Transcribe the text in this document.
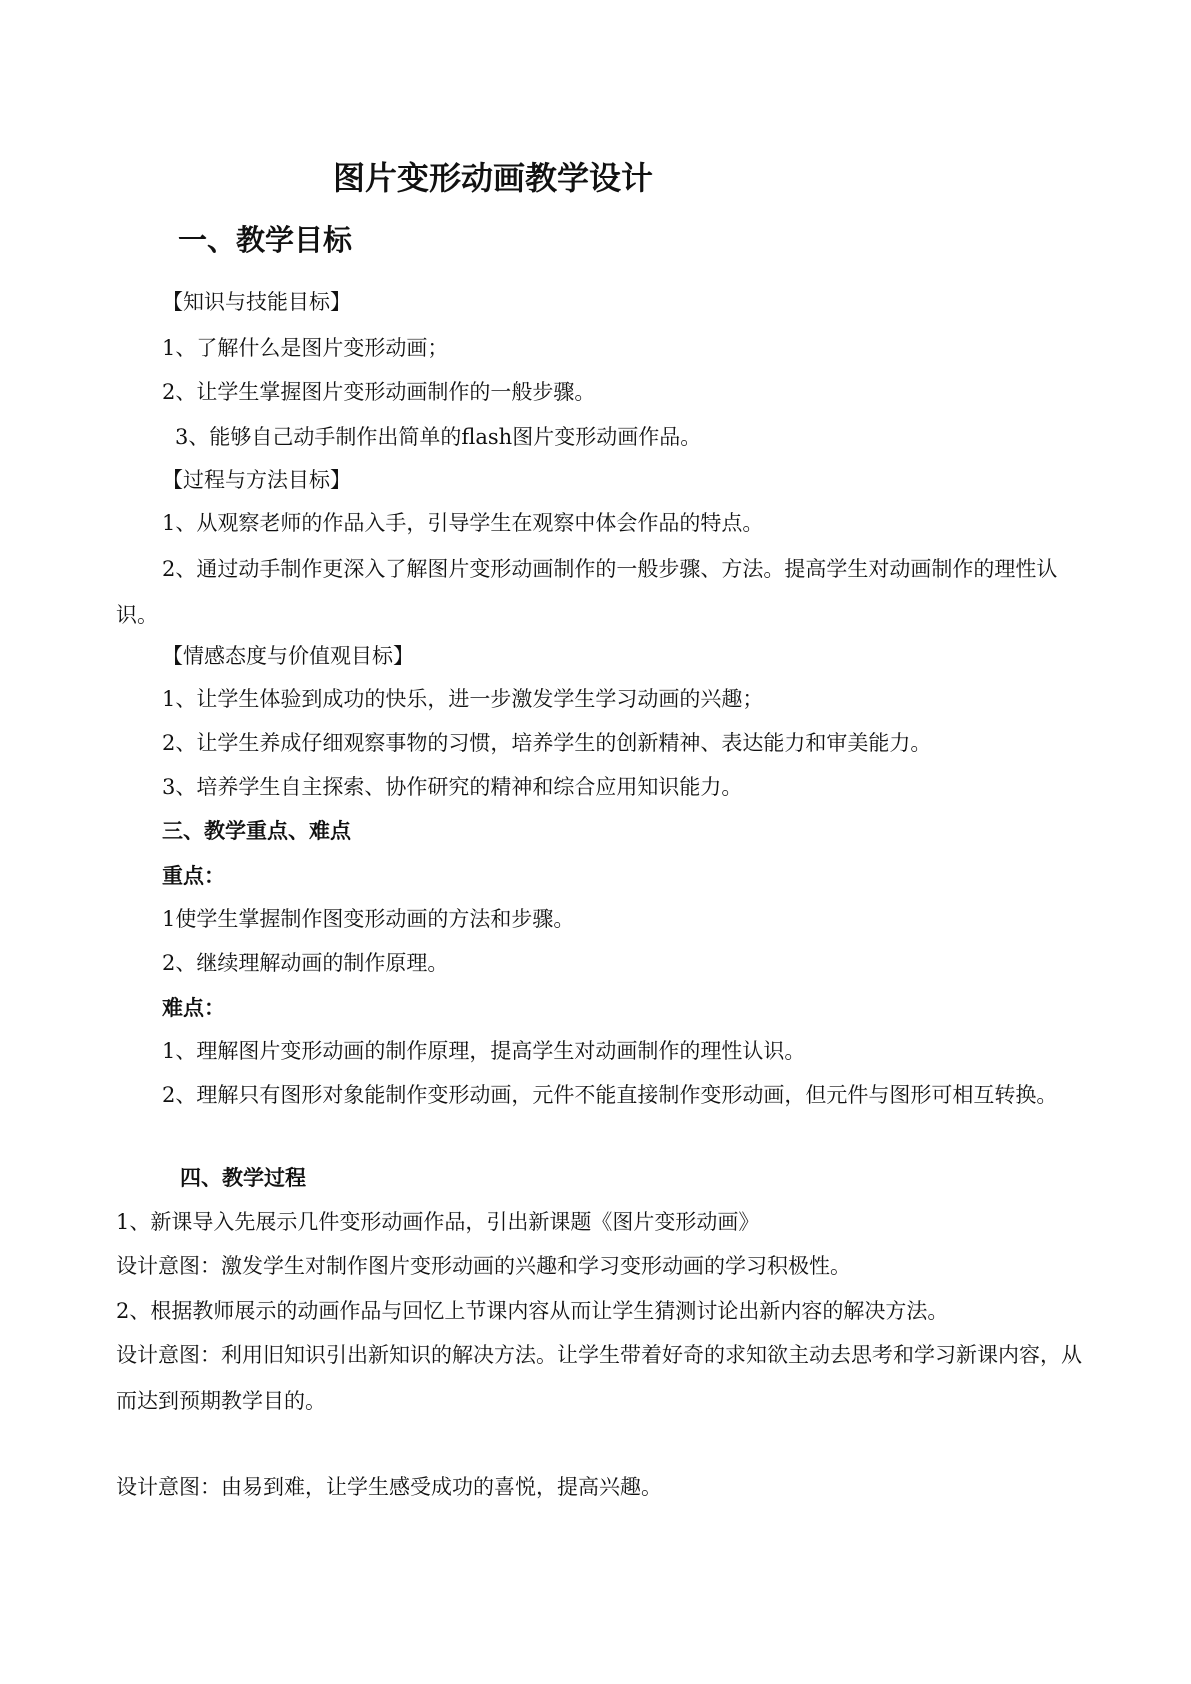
图片变形动画教学设计
一、教学目标

【知识与技能目标】

1、了解什么是图片变形动画；

2、让学生掌握图片变形动画制作的一般步骤。

3、能够自己动手制作出简单的flash图片变形动画作品。

【过程与方法目标】

1、从观察老师的作品入手，引导学生在观察中体会作品的特点。

2、通过动手制作更深入了解图片变形动画制作的一般步骤、方法。提高学生对动画制作的理性认识。

【情感态度与价值观目标】

1、让学生体验到成功的快乐，进一步激发学生学习动画的兴趣；

2、让学生养成仔细观察事物的习惯，培养学生的创新精神、表达能力和审美能力。

3、培养学生自主探索、协作研究的精神和综合应用知识能力。

三、教学重点、难点

重点：

1使学生掌握制作图变形动画的方法和步骤。

2、继续理解动画的制作原理。

难点：

1、理解图片变形动画的制作原理，提高学生对动画制作的理性认识。

2、理解只有图形对象能制作变形动画，元件不能直接制作变形动画，但元件与图形可相互转换。

四、教学过程

1、新课导入先展示几件变形动画作品，引出新课题《图片变形动画》

设计意图：激发学生对制作图片变形动画的兴趣和学习变形动画的学习积极性。

2、根据教师展示的动画作品与回忆上节课内容从而让学生猜测讨论出新内容的解决方法。

设计意图：利用旧知识引出新知识的解决方法。让学生带着好奇的求知欲主动去思考和学习新课内容，从而达到预期教学目的。

设计意图：由易到难，让学生感受成功的喜悦，提高兴趣。
